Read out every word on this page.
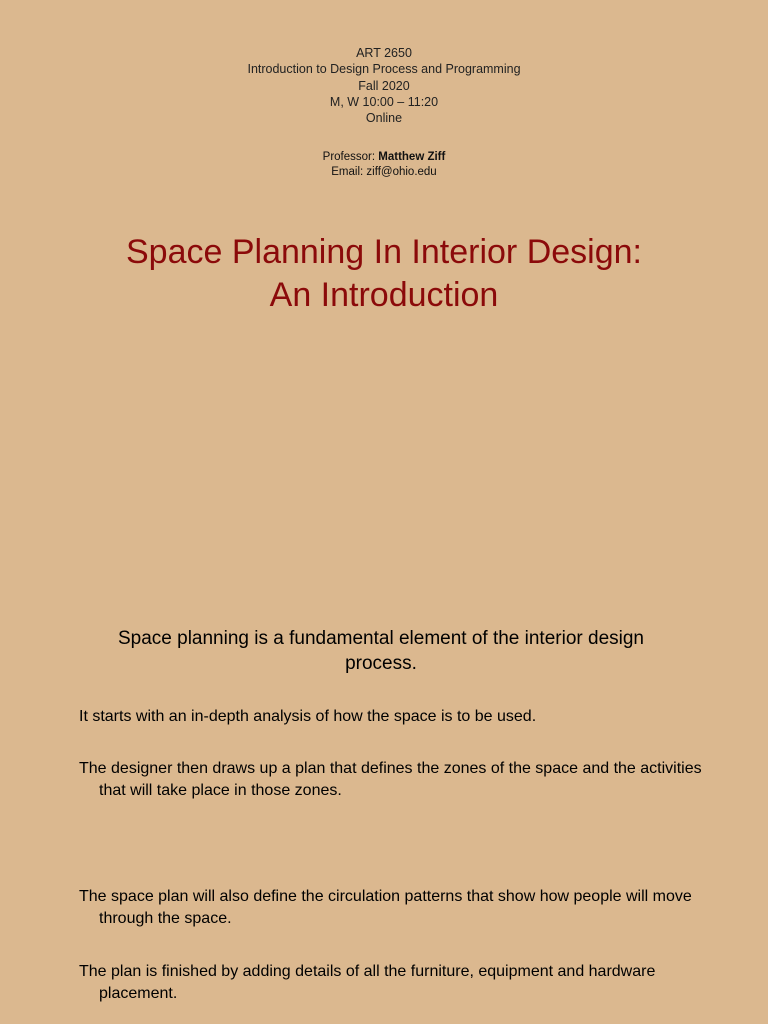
ART 2650
Introduction to Design Process and Programming
Fall 2020
M, W 10:00 – 11:20
Online
Professor: Matthew Ziff
Email: ziff@ohio.edu
Space Planning In Interior Design:
An Introduction
Space planning is a fundamental element of the interior design process.
It starts with an in-depth analysis of how the space is to be used.
The designer then draws up a plan that defines the zones of the space and the activities that will take place in those zones.
The space plan will also define the circulation patterns that show how people will move through the space.
The plan is finished by adding details of all the furniture, equipment and hardware placement.
